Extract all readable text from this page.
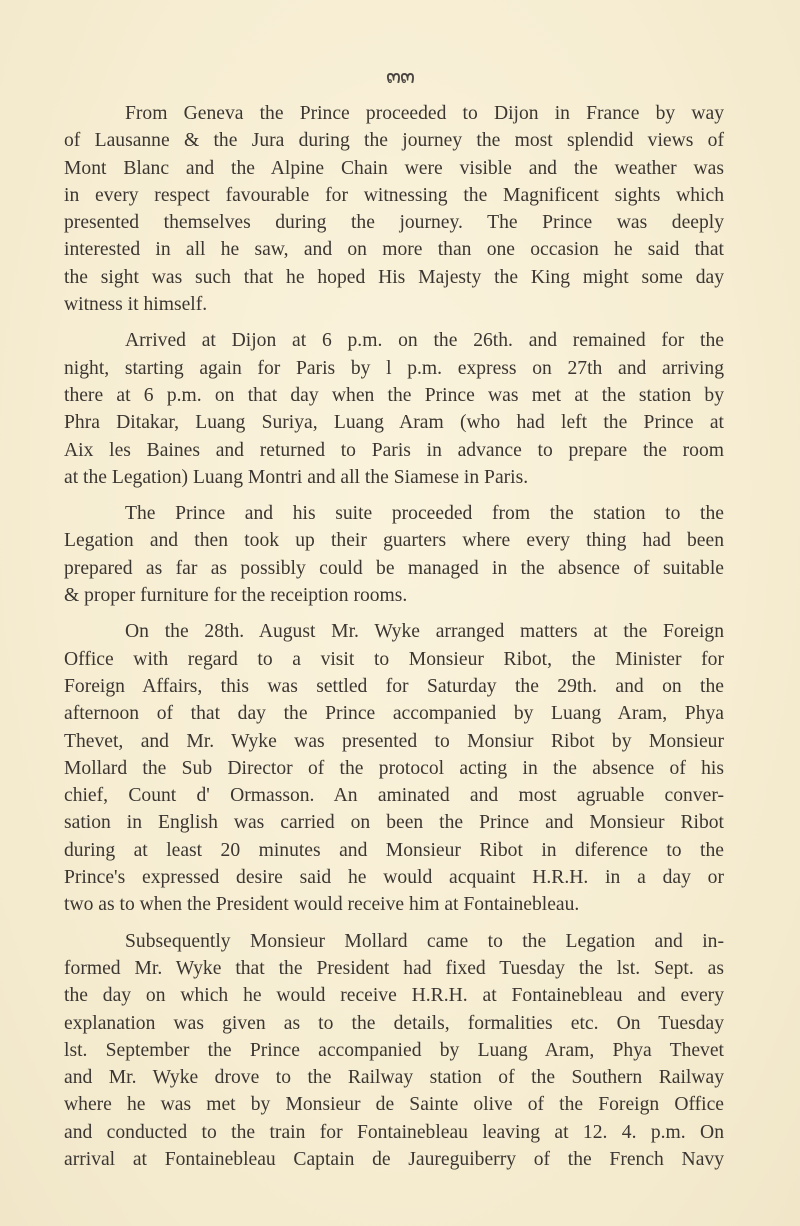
๓๓
From Geneva the Prince proceeded to Dijon in France by way
of Lausanne & the Jura during the journey the most splendid views of
Mont Blanc and the Alpine Chain were visible and the weather was
in every respect favourable for witnessing the Magnificent sights which
presented themselves during the journey. The Prince was deeply
interested in all he saw, and on more than one occasion he said that
the sight was such that he hoped His Majesty the King might some day
witness it himself.
Arrived at Dijon at 6 p.m. on the 26th. and remained for the
night, starting again for Paris by l p.m. express on 27th and arriving
there at 6 p.m. on that day when the Prince was met at the station by
Phra Ditakar, Luang Suriya, Luang Aram (who had left the Prince at
Aix les Baines and returned to Paris in advance to prepare the room
at the Legation) Luang Montri and all the Siamese in Paris.
The Prince and his suite proceeded from the station to the
Legation and then took up their guarters where every thing had been
prepared as far as possibly could be managed in the absence of suitable
& proper furniture for the receiption rooms.
On the 28th. August Mr. Wyke arranged matters at the Foreign
Office with regard to a visit to Monsieur Ribot, the Minister for
Foreign Affairs, this was settled for Saturday the 29th. and on the
afternoon of that day the Prince accompanied by Luang Aram, Phya
Thevet, and Mr. Wyke was presented to Monsiur Ribot by Monsieur
Mollard the Sub Director of the protocol acting in the absence of his
chief, Count d' Ormasson. An aminated and most agruable conver-
sation in English was carried on been the Prince and Monsieur Ribot
during at least 20 minutes and Monsieur Ribot in diference to the
Prince's expressed desire said he would acquaint H.R.H. in a day or
two as to when the President would receive him at Fontainebleau.
Subsequently Monsieur Mollard came to the Legation and in-
formed Mr. Wyke that the President had fixed Tuesday the lst. Sept. as
the day on which he would receive H.R.H. at Fontainebleau and every
explanation was given as to the details, formalities etc. On Tuesday
lst. September the Prince accompanied by Luang Aram, Phya Thevet
and Mr. Wyke drove to the Railway station of the Southern Railway
where he was met by Monsieur de Sainte olive of the Foreign Office
and conducted to the train for Fontainebleau leaving at 12. 4. p.m. On
arrival at Fontainebleau Captain de Jaureguiberry of the French Navy
